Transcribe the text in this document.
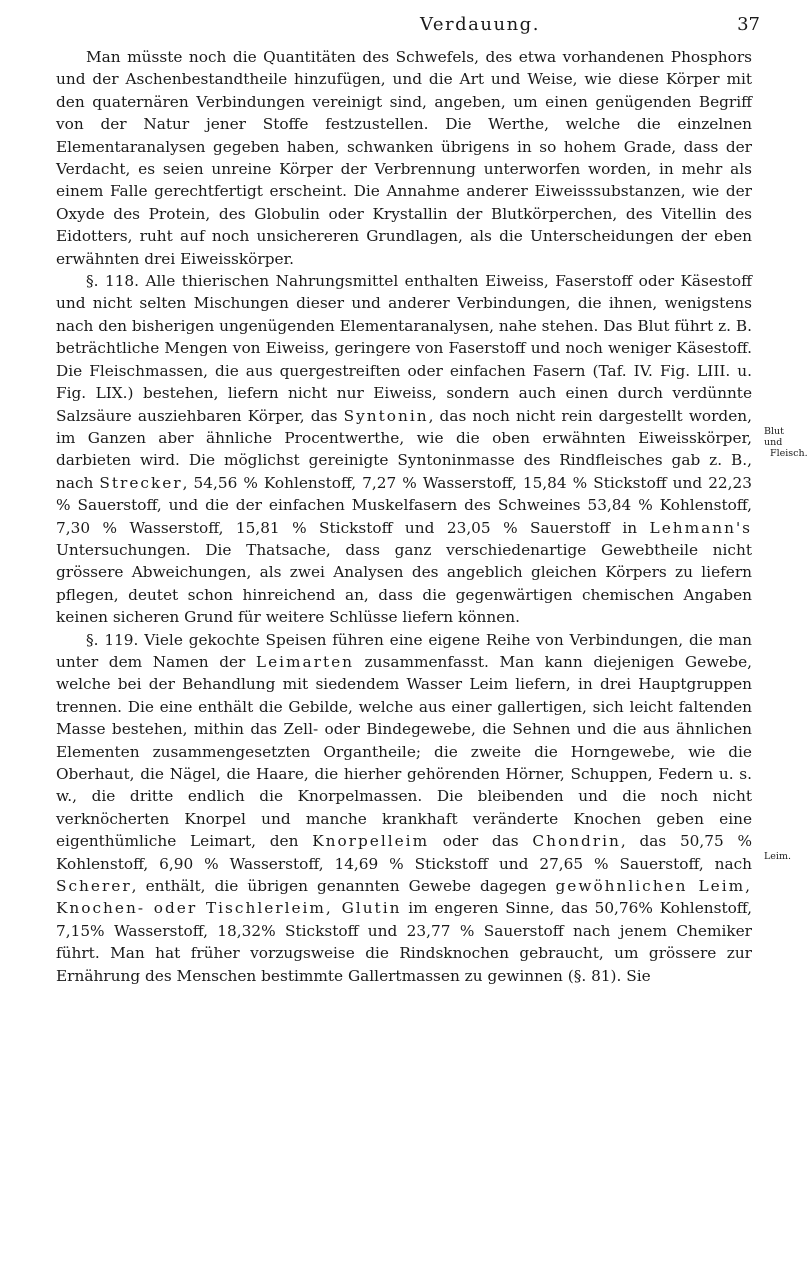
Verdauung.	37
Blut und
Fleisch.
Leim.

Man müsste noch die Quantitäten des Schwefels, des etwa vorhandenen Phosphors und der Aschenbestandtheile hinzufügen, und die Art und Weise, wie diese Körper mit den quaternären Verbindungen vereinigt sind, angeben, um einen genügenden Begriff von der Natur jener Stoffe festzustellen. Die Werthe, welche die einzelnen Elementaranalysen gegeben haben, schwanken übrigens in so hohem Grade, dass der Verdacht, es seien unreine Körper der Verbrennung unterworfen worden, in mehr als einem Falle gerechtfertigt erscheint. Die Annahme anderer Eiweisssubstanzen, wie der Oxyde des Protein, des Globulin oder Krystallin der Blutkörperchen, des Vitellin des Eidotters, ruht auf noch unsichereren Grundlagen, als die Unterscheidungen der eben erwähnten drei Eiweisskörper.

§. 118. Alle thierischen Nahrungsmittel enthalten Eiweiss, Faserstoff oder Käsestoff und nicht selten Mischungen dieser und anderer Verbindungen, die ihnen, wenigstens nach den bisherigen ungenügenden Elementaranalysen, nahe stehen. Das Blut führt z. B. beträchtliche Mengen von Eiweiss, geringere von Faserstoff und noch weniger Käsestoff. Die Fleischmassen, die aus quergestreiften oder einfachen Fasern (Taf. IV. Fig. LIII. u. Fig. LIX.) bestehen, liefern nicht nur Eiweiss, sondern auch einen durch verdünnte Salzsäure ausziehbaren Körper, das Syntonin, das noch nicht rein dargestellt worden, im Ganzen aber ähnliche Procentwerthe, wie die oben erwähnten Eiweisskörper, darbieten wird. Die möglichst gereinigte Syntoninmasse des Rindfleisches gab z. B., nach Strecker, 54,56 % Kohlenstoff, 7,27 % Wasserstoff, 15,84 % Stickstoff und 22,23 % Sauerstoff, und die der einfachen Muskelfasern des Schweines 53,84 % Kohlenstoff, 7,30 % Wasserstoff, 15,81 % Stickstoff und 23,05 % Sauerstoff in Lehmann's Untersuchungen. Die Thatsache, dass ganz verschiedenartige Gewebtheile nicht grössere Abweichungen, als zwei Analysen des angeblich gleichen Körpers zu liefern pflegen, deutet schon hinreichend an, dass die gegenwärtigen chemischen Angaben keinen sicheren Grund für weitere Schlüsse liefern können.

§. 119. Viele gekochte Speisen führen eine eigene Reihe von Verbindungen, die man unter dem Namen der Leimarten zusammenfasst. Man kann diejenigen Gewebe, welche bei der Behandlung mit siedendem Wasser Leim liefern, in drei Hauptgruppen trennen. Die eine enthält die Gebilde, welche aus einer gallertigen, sich leicht faltenden Masse bestehen, mithin das Zell- oder Bindegewebe, die Sehnen und die aus ähnlichen Elementen zusammengesetzten Organtheile; die zweite die Horngewebe, wie die Oberhaut, die Nägel, die Haare, die hierher gehörenden Hörner, Schuppen, Federn u. s. w., die dritte endlich die Knorpelmassen. Die bleibenden und die noch nicht verknöcherten Knorpel und manche krankhaft veränderte Knochen geben eine eigenthümliche Leimart, den Knorpelleim oder das Chondrin, das 50,75 % Kohlenstoff, 6,90 % Wasserstoff, 14,69 % Stickstoff und 27,65 % Sauerstoff, nach Scherer, enthält, die übrigen genannten Gewebe dagegen gewöhnlichen Leim, Knochen- oder Tischlerleim, Glutin im engeren Sinne, das 50,76% Kohlenstoff, 7,15% Wasserstoff, 18,32% Stickstoff und 23,77 % Sauerstoff nach jenem Chemiker führt. Man hat früher vorzugsweise die Rindsknochen gebraucht, um grössere zur Ernährung des Menschen bestimmte Gallertmassen zu gewinnen (§. 81). Sie
